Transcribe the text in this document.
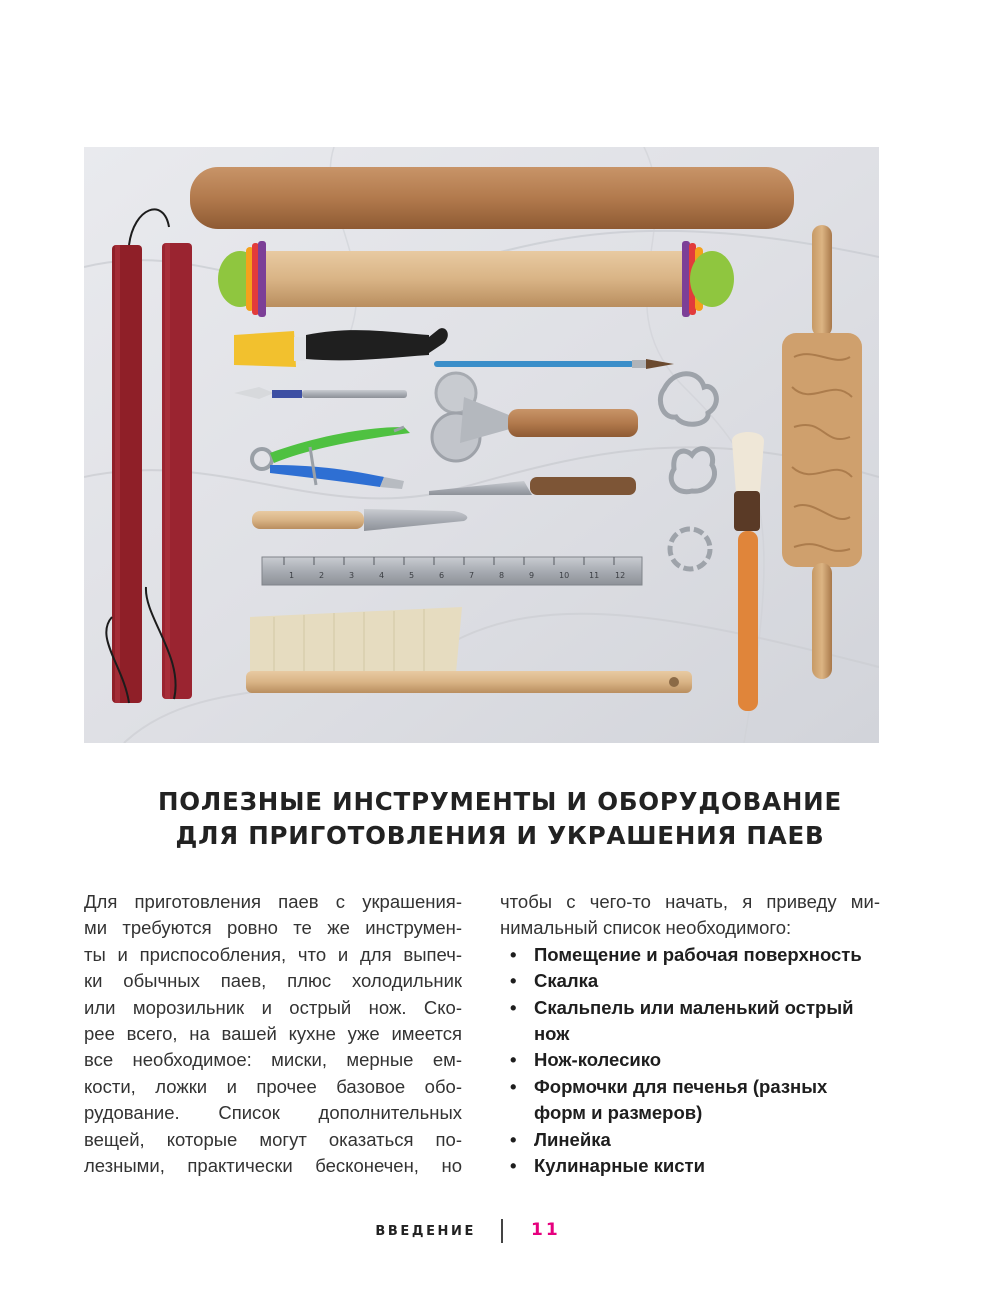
1	2	3	4	5	6	7	8	9	10 11 12
ПОЛЕЗНЫЕ ИНСТРУМЕНТЫ И ОБОРУДОВАНИЕ
ДЛЯ ПРИГОТОВЛЕНИЯ И УКРАШЕНИЯ ПАЕВ
Для приготовления паев с украшения-
ми требуются ровно те же инструмен-
ты и приспособления, что и для выпеч-
ки обычных паев, плюс холодильник
или морозильник и острый нож. Ско-
рее всего, на вашей кухне уже имеется
все необходимое: миски, мерные ем-
кости, ложки и прочее базовое обо-
рудование. Список дополнительных
вещей, которые могут оказаться по-
лезными, практически бесконечен, но
чтобы с чего-то начать, я приведу ми-
нимальный список необходимого:
• Помещение и рабочая поверхность
• Скалка
• Скальпель или маленький острый
нож
• Нож-колесико
• Формочки для печенья (разных
форм и размеров)
• Линейка
• Кулинарные кисти
ВВЕДЕНИЕ	11
